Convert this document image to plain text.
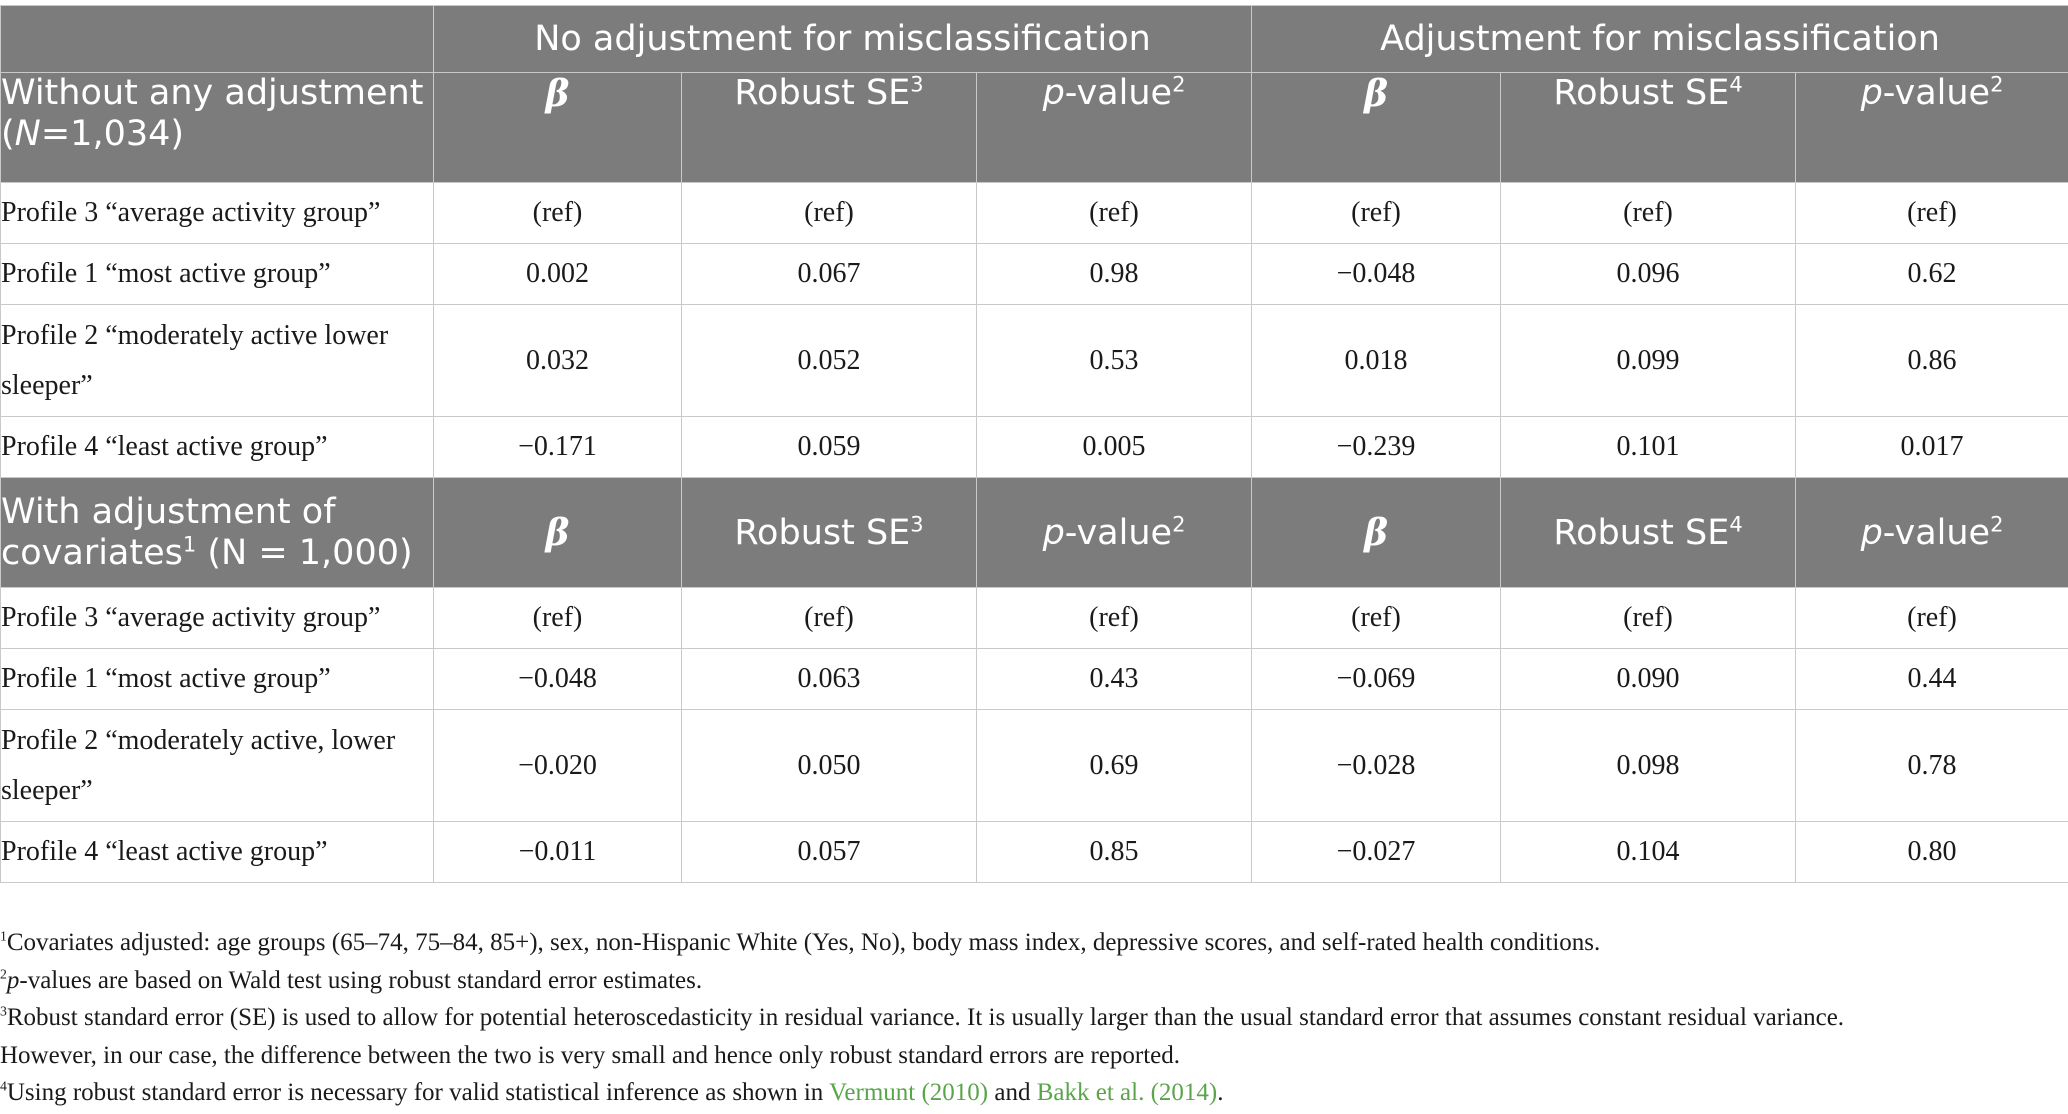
	No adjustment for misclassification			Adjustment for misclassification		
Without any adjustment (N=1,034)	β	Robust $SE^3$	p-value$^2$	β	Robust $SE^4$	p-value$^2$
Profile 3 “average activity group”	(ref)	(ref)	(ref)	(ref)	(ref)	(ref)
Profile 1 “most active group”	0.002	0.067	0.98	−0.048	0.096	0.62
Profile 2 “moderately active lower sleeper”	0.032	0.052	0.53	0.018	0.099	0.86
Profile 4 “least active group”	−0.171	0.059	0.005	−0.239	0.101	0.017
With adjustment of covariates$^1$ (N = 1,000)	β	Robust $SE^3$	p-value$^2$	β	Robust $SE^4$	p-value$^2$
Profile 3 “average activity group”	(ref)	(ref)	(ref)	(ref)	(ref)	(ref)
Profile 1 “most active group”	−0.048	0.063	0.43	−0.069	0.090	0.44
Profile 2 “moderately active, lower sleeper”	−0.020	0.050	0.69	−0.028	0.098	0.78
Profile 4 “least active group”	−0.011	0.057	0.85	−0.027	0.104	0.80

$^1$Covariates adjusted: age groups (65–74, 75–84, 85+), sex, non-Hispanic White (Yes, No), body mass index, depressive scores, and self-rated health conditions.

$^2$p-values are based on Wald test using robust standard error estimates.

$^3$Robust standard error (SE) is used to allow for potential heteroscedasticity in residual variance. It is usually larger than the usual standard error that assumes constant residual variance.

However, in our case, the difference between the two is very small and hence only robust standard errors are reported.

$^4$Using robust standard error is necessary for valid statistical inference as shown in Vermunt (2010) and Bakk et al. (2014).
